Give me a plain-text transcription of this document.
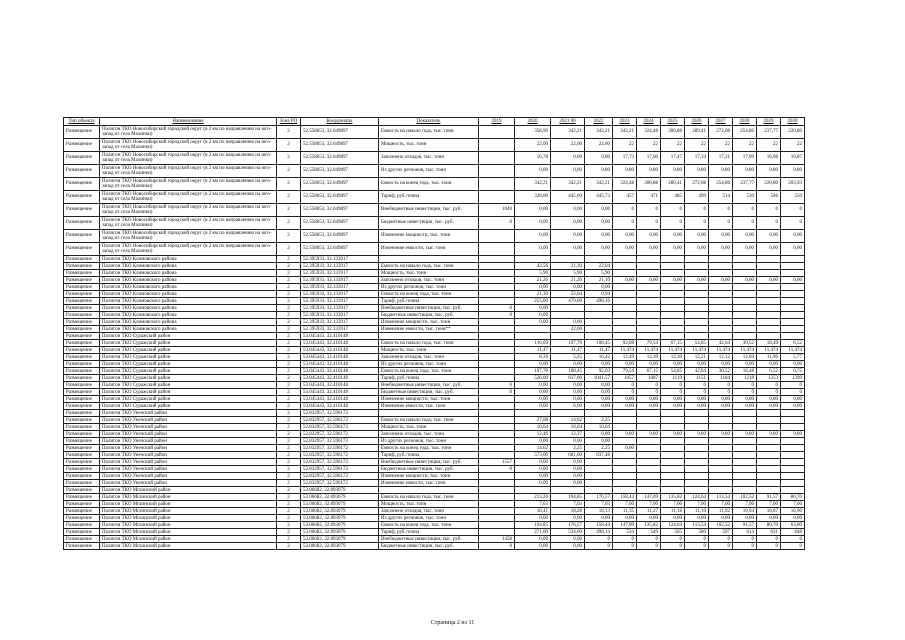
Тип объекта	Наименование	Зона РО	Координаты	Показатель	2019	2020	2021 00	2022	2023	2024	2025	2026	2027	2028	2029	2030
Размещение	Полигон ТКО Новосибирский городской округ (в 2 км по направлению на юго-запад от села Малинки)	2	52.558053, 32.049897	Емкость на начало года, тыс. тонн		358,99	342,21	342,21	342,21	324,48	306,88	289,41	272,08	254,86	237,77	220,80
Размещение	Полигон ТКО Новосибирский городской округ (в 2 км по направлению на юго-запад от села Малинки)	2	52.558053, 32.049897	Мощность, тыс. тонн		22,00	22,00	22,00	22	22	22	22	22	22	22	22
Размещение	Полигон ТКО Новосибирский городской округ (в 2 км по направлению на юго-запад от села Малинки)	2	52.558053, 32.049897	Заполнено отходов, тыс. тонн		16,78	0,00	0,00	17,73	17,60	17,47	17,34	17,21	17,09	16,98	16,87
Размещение	Полигон ТКО Новосибирский городской округ (в 2 км по направлению на юго-запад от села Малинки)	2	52.558053, 32.049897	Из других регионов, тыс. тонн		0,00	0,00	0,00	0,00	0,00	0,00	0,00	0,00	0,00	0,00	0,00
Размещение	Полигон ТКО Новосибирский городской округ (в 2 км по направлению на юго-запад от села Малинки)	2	52.558053, 32.049897	Емкость на конец года, тыс. тонн		342,21	342,21	342,21	324,48	306,88	289,41	272,08	254,86	237,77	220,80	203,93
Размещение	Полигон ТКО Новосибирский городской округ (в 2 км по направлению на юго-запад от села Малинки)	2	52.558053, 32.049897	Тариф, руб./тонна		328,00	445,00	445,73	457	471	485	499	514	530	546	550
Размещение	Полигон ТКО Новосибирский городской округ (в 2 км по направлению на юго-запад от села Малинки)	2	52.558053, 32.049897	Внебюджетные инвестиции, тыс. руб.	1040	0,00	0,00	0,00	0	0	0	0	0	0	0	0
Размещение	Полигон ТКО Новосибирский городской округ (в 2 км по направлению на юго-запад от села Малинки)	2	52.558053, 32.049897	Бюджетные инвестиции, тыс. руб.	0	0,00	0,00	0,00	0	0	0	0	0	0	0	0
Размещение	Полигон ТКО Новосибирский городской округ (в 2 км по направлению на юго-запад от села Малинки)	2	52.558053, 32.049897	Изменение мощности, тыс. тонн		0,00	0,00	0,00	0,00	0,00	0,00	0,00	0,00	0,00	0,00	0,00
Размещение	Полигон ТКО Новосибирский городской округ (в 2 км по направлению на юго-запад от села Малинки)	2	52.558053, 32.049897	Изменение емкости, тыс. тонн		0,00	0,00	0,00	0,00	0,00	0,00	0,00	0,00	0,00	0,00	0,00
Размещение	Полигон ТКО Климовского района	2	52.395933, 32.133917													
Размещение	Полигон ТКО Климовского района	2	52.395933, 32.133917	Емкость на начало года, тыс. тонн		42,56	21,30	22,04								
Размещение	Полигон ТКО Климовского района	2	52.395933, 32.133917	Мощность, тыс. тонн		5,90	5,90	5,90								
Размещение	Полигон ТКО Климовского района	2	52.395933, 32.133917	Заполнено отходов, тыс. тонн		21,26	21,26	21,10	0,00	0,00	0,00	0,00	0,00	0,00	0,00	0,00
Размещение	Полигон ТКО Климовского района	2	52.395933, 32.133917	Из других регионов, тыс. тонн		0,00	0,00	0,00								
Размещение	Полигон ТКО Климовского района	2	52.395933, 32.133917	Емкость на конец года, тыс. тонн		21,30	22,04	0,94								
Размещение	Полигон ТКО Климовского района	2	52.395933, 32.133917	Тариф, руб./тонна		255,00	479,00	498,16								
Размещение	Полигон ТКО Климовского района	2	52.395933, 32.133917	Внебюджетные инвестиции, тыс. руб.	0	0,00										
Размещение	Полигон ТКО Климовского района	2	52.395933, 32.133917	Бюджетные инвестиции, тыс. руб.	0	0,00										
Размещение	Полигон ТКО Климовского района	2	52.395933, 32.133917	Изменение мощности, тыс. тонн		0,00	0,00									
Размещение	Полигон ТКО Климовского района	2	52.395933, 32.133917	Изменение емкости, тыс. тонн**			22,00									
Размещение	Полигон ТКО Суражский район	2	53.045443, 32.410148													
Размещение	Полигон ТКО Суражский район	2	53.045443, 32.410148	Емкость на начало года, тыс. тонн		116,09	107,70	108,45	92,08	79,54	67,15	54,85	42,64	30,52	18,49	6,52
Размещение	Полигон ТКО Суражский район	2	53.045443, 32.410148	Мощность, тыс. тонн		11,47	11,47	11,47	11,474	11,474	11,474	11,474	11,474	11,474	11,474	11,474
Размещение	Полигон ТКО Суражский район	2	53.045443, 32.410148	Заполнено отходов, тыс. тонн		8,39	5,25	16,42	12,49	12,39	12,30	12,21	12,12	12,04	11,96	5,77
Размещение	Полигон ТКО Суражский район	2	53.045443, 32.410148	Из других регионов, тыс. тонн		0,00	0,00	0,00	0,00	0,00	0,00	0,00	0,00	0,00	0,00	0,00
Размещение	Полигон ТКО Суражский район	2	53.045443, 32.410148	Емкость на конец года, тыс. тонн		107,70	108,45	92,03	79,54	67,15	54,85	42,64	30,52	18,48	6,52	0,75
Размещение	Полигон ТКО Суражский район	2	53.045443, 32.410148	Тариф, руб./тонна		526,00	617,00	1041,57	1057	1087	1119	1151	1184	1218	1253	1399
Размещение	Полигон ТКО Суражский район	2	53.045443, 32.410148	Внебюджетные инвестиции, тыс. руб.	0	0,00	0,00	0,00	0	0	0	0	0	0	0	0
Размещение	Полигон ТКО Суражский район	2	53.045443, 32.410148	Бюджетные инвестиции, тыс. руб.	0	0,00	0,00	0,00	0	0	0	0	0	0	0	0
Размещение	Полигон ТКО Суражский район	2	53.045443, 32.410148	Изменение мощности, тыс. тонн		0,00	0,00	0,00	0,00	0,00	0,00	0,00	0,00	0,00	0,00	0,00
Размещение	Полигон ТКО Суражский район	2	53.045443, 32.410148	Изменение емкости, тыс. тонн		0,00	6,00	0,00	0,00	0,00	0,00	0,00	0,00	0,00	0,00	0,00
Размещение	Полигон ТКО Унечский район	2	52.832957, 32.596172													
Размещение	Полигон ТКО Унечский район	2	52.832957, 32.596172	Емкость на начало года, тыс. тонн		27,08	14,62	2,25								
Размещение	Полигон ТКО Унечский район	2	52.832957, 32.596172	Мощность, тыс. тонн		10,64	10,64	10,64								
Размещение	Полигон ТКО Унечский район	2	52.832957, 32.596172	Заполнено отходов, тыс. тонн		12,46	12,37	0,00	0,00	0,00	0,00	0,00	0,00	0,00	0,00	0,00
Размещение	Полигон ТКО Унечский район	2	52.832957, 32.596172	Из других регионов, тыс. тонн		0,00	0,00	0,00								
Размещение	Полигон ТКО Унечский район	2	52.832957, 32.596172	Емкость на конец года, тыс. тонн		14,62	2,25	2,25	0,00							
Размещение	Полигон ТКО Унечский район	2	52.832957, 32.596172	Тариф, руб./тонна		573,00	601,00	837,48								
Размещение	Полигон ТКО Унечский район	2	52.832957, 32.596172	Внебюджетные инвестиции, тыс. руб.	1557	0,00	0,00									
Размещение	Полигон ТКО Унечский район	2	52.832957, 32.596172	Бюджетные инвестиции, тыс. руб.	0	0,00	0,00									
Размещение	Полигон ТКО Унечский район	2	52.832957, 32.596172	Изменение мощности, тыс. тонн		0,00	0,00									
Размещение	Полигон ТКО Унечский район	2	52.832957, 32.596172	Изменение емкости, тыс. тонн		0,00	0,00									
Размещение	Полигон ТКО Мглинский район	2	53.06682, 32.893079													
Размещение	Полигон ТКО Мглинский район	2	53.06682, 32.893079	Емкость на начало года, тыс. тонн		213,26	194,85	176,57	158,44	147,09	135,82	124,64	113,54	102,52	91,57	80,70
Размещение	Полигон ТКО Мглинский район	2	53.06682, 32.893079	Мощность, тыс. тонн		7,03	7,03	7,03	7,00	7,00	7,00	7,00	7,00	7,00	7,00	7,00
Размещение	Полигон ТКО Мглинский район	2	53.06682, 32.893079	Заполнено отходов, тыс. тонн		18,41	18,28	18,13	11,35	11,27	11,18	11,10	11,02	10,94	10,87	16,90
Размещение	Полигон ТКО Мглинский район	2	53.06682, 32.893079	Из других регионов, тыс. тонн		0,00	0,00	0,00	0,00	0,00	0,00	0,00	0,00	0,00	0,00	0,00
Размещение	Полигон ТКО Мглинский район	2	53.06682, 32.893079	Емкость на конец года, тыс. тонн		194,85	176,57	158,44	147,09	135,82	124,64	113,54	102,52	91,57	80,70	63,80
Размещение	Полигон ТКО Мглинский район	2	53.06682, 32.893079	Тариф, руб./тонна		271,00	534,00	498,14	534	549	565	580	597	614	631	648
Размещение	Полигон ТКО Мглинский район	2	53.06682, 32.893079	Внебюджетные инвестиции, тыс. руб.	1458	0,00	0,00	0	0	0	0	0	0	0	0	0
Размещение	Полигон ТКО Мглинский район	2	53.06682, 32.893079	Бюджетные инвестиции, тыс. руб.	0	0,00	0,00	0	0	0	0	0	0	0	0	0
Страница 2 из 11
